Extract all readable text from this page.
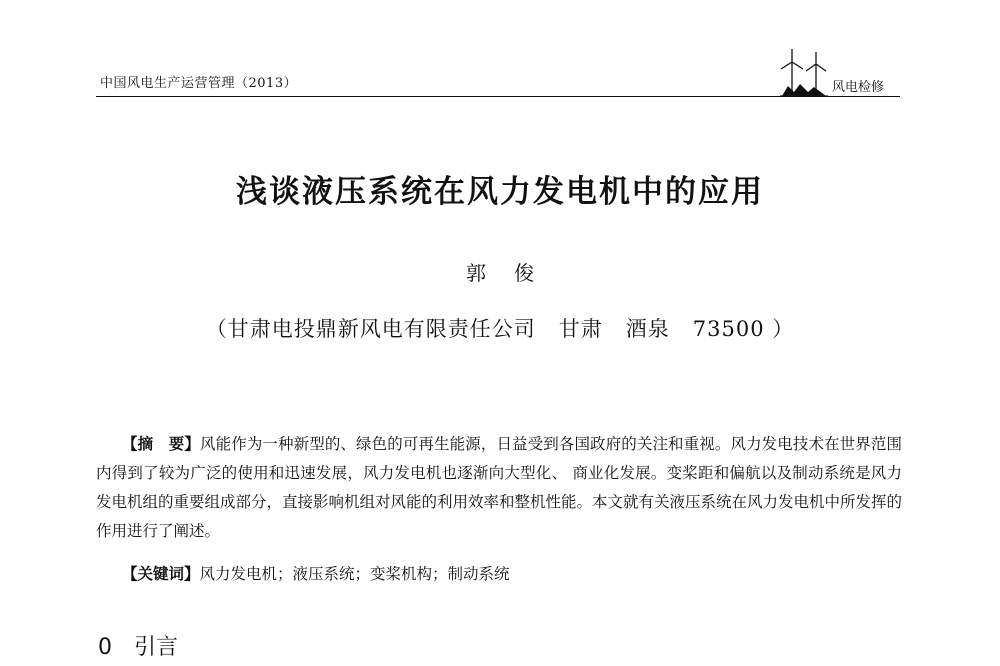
中国风电生产运营管理（2013）	风电检修
浅谈液压系统在风力发电机中的应用
郭俊
（甘肃电投鼎新风电有限责任公司   甘肃   酒泉   73500 ）
【摘　要】风能作为一种新型的、绿色的可再生能源，日益受到各国政府的关注和重视。风力发电技术在世界范围内得到了较为广泛的使用和迅速发展，风力发电机也逐渐向大型化、 商业化发展。变桨距和偏航以及制动系统是风力发电机组的重要组成部分，直接影响机组对风能的利用效率和整机性能。本文就有关液压系统在风力发电机中所发挥的作用进行了阐述。
【关键词】风力发电机；液压系统；变桨机构；制动系统
0 引言
